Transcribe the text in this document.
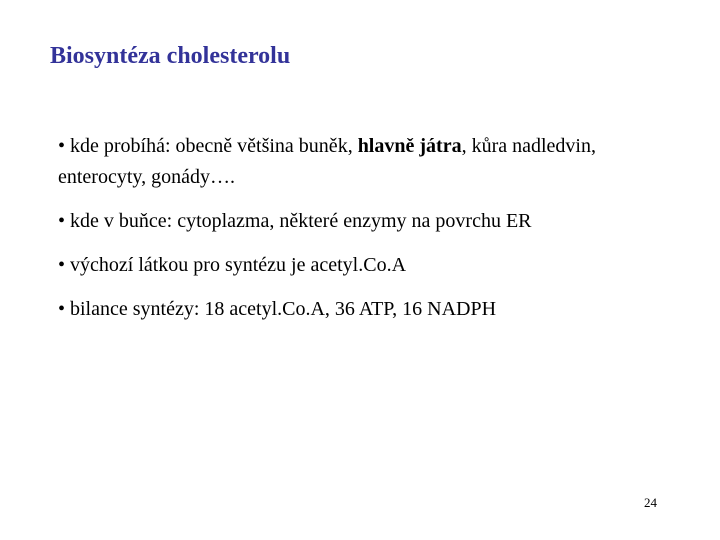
Biosyntéza cholesterolu

• kde probíhá: obecně většina buněk, hlavně játra, kůra nadledvin, enterocyty, gonády….

• kde v buňce: cytoplazma, některé enzymy na povrchu ER

• výchozí látkou pro syntézu je acetyl.Co.A

• bilance syntézy: 18 acetyl.Co.A, 36 ATP, 16 NADPH

24
